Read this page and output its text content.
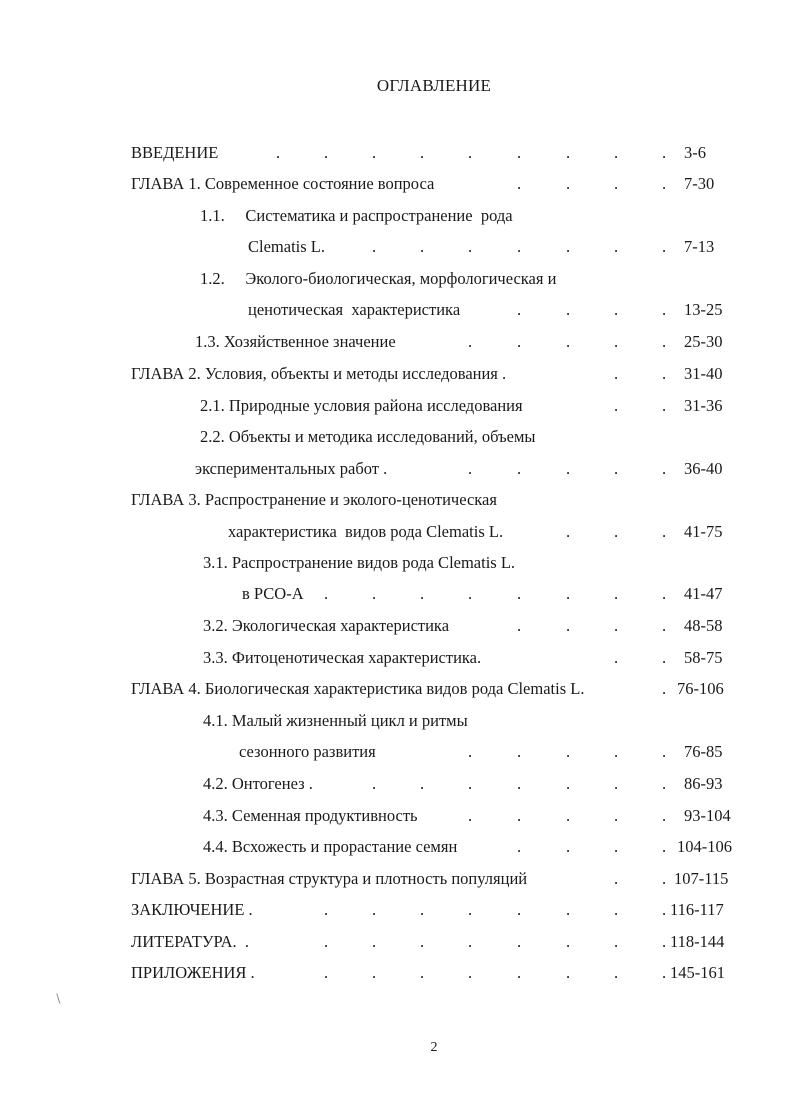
ОГЛАВЛЕНИЕ
ВВЕДЕНИЕ	.	.	.	.	.	.	.	.	. 3-6
ГЛАВА 1. Современное состояние вопроса	.	.	.	. 7-30
1.1.     Систематика и распространение  рода
Clematis L.	.	.	.	.	.	.	. 7-13
1.2.     Эколого-биологическая, морфологическая и
ценотическая  характеристика	.	.	.	. 13-25
1.3. Хозяйственное значение	.	.	.	.	. 25-30
ГЛАВА 2. Условия, объекты и методы исследования .	.	. 31-40
2.1. Природные условия района исследования	.	. 31-36
2.2. Объекты и методика исследований, объемы
экспериментальных работ .	.	.	.	.	. 36-40
ГЛАВА 3. Распространение и эколого-ценотическая
характеристика  видов рода Clematis L.	.	.	. 41-75
3.1. Распространение видов рода Clematis L.
в РСО-А .	.	.	.	.	.	.	. 41-47
3.2. Экологическая характеристика	.	.	.	. 48-58
3.3. Фитоценотическая характеристика.	.	. 58-75
ГЛАВА 4. Биологическая характеристика видов рода Clematis L.	. 76-106
4.1. Малый жизненный цикл и ритмы
сезонного развития	.	.	.	.	. 76-85
4.2. Онтогенез .	.	.	.	.	.	.	. 86-93
4.3. Семенная продуктивность	.	.	.	.	. 93-104
4.4. Всхожесть и прорастание семян	.	.	.	. 104-106
ГЛАВА 5. Возрастная структура и плотность популяций	.	. 107-115
ЗАКЛЮЧЕНИЕ .	.	.	.	.	.	.	.	. 116-117
ЛИТЕРАТУРА.  .	.	.	.	.	.	.	.	. 118-144
ПРИЛОЖЕНИЯ .	.	.	.	.	.	.	.	. 145-161
∖
2
